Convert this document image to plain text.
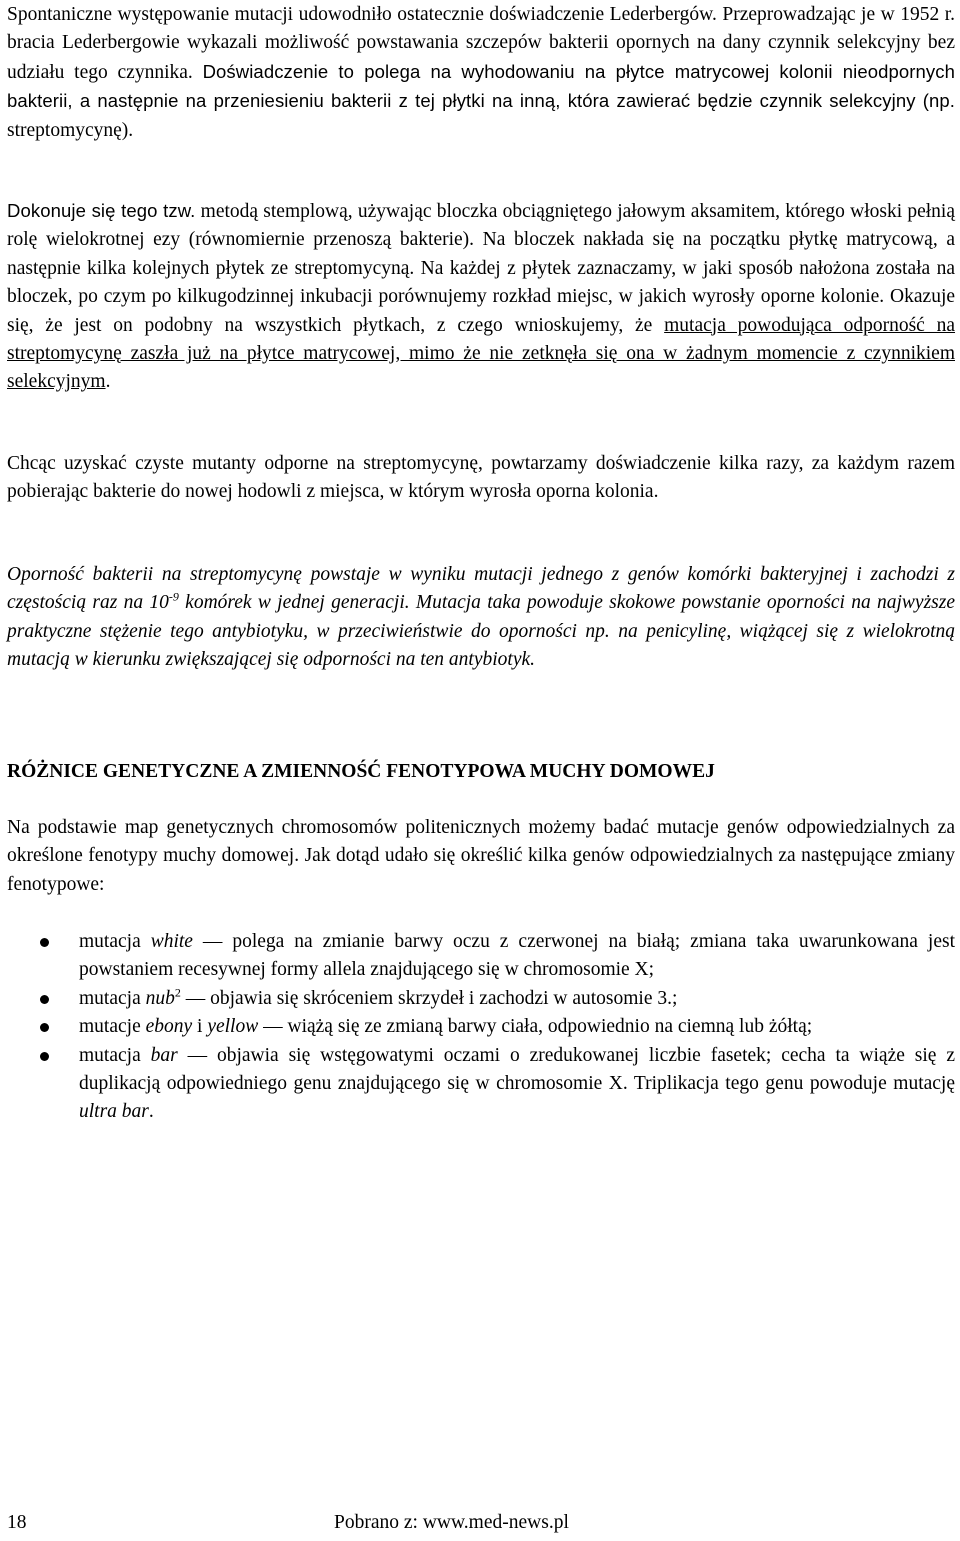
Spontaniczne występowanie mutacji udowodniło ostatecznie doświadczenie Lederbergów. Przeprowadzając je w 1952 r. bracia Lederbergowie wykazali możliwość powstawania szczepów bakterii opornych na dany czynnik selekcyjny bez udziału tego czynnika. Doświadczenie to polega na wyhodowaniu na płytce matrycowej kolonii nieodpornych bakterii, a następnie na przeniesieniu bakterii z tej płytki na inną, która zawierać będzie czynnik selekcyjny (np. streptomycynę).

Dokonuje się tego tzw. metodą stemplową, używając bloczka obciągniętego jałowym aksamitem, którego włoski pełnią rolę wielokrotnej ezy (równomiernie przenoszą bakterie). Na bloczek nakłada się na początku płytkę matrycową, a następnie kilka kolejnych płytek ze streptomycyną. Na każdej z płytek zaznaczamy, w jaki sposób nałożona została na bloczek, po czym po kilkugodzinnej inkubacji porównujemy rozkład miejsc, w jakich wyrosły oporne kolonie. Okazuje się, że jest on podobny na wszystkich płytkach, z czego wnioskujemy, że mutacja powodująca odporność na streptomycynę zaszła już na płytce matrycowej, mimo że nie zetknęła się ona w żadnym momencie z czynnikiem selekcyjnym.

Chcąc uzyskać czyste mutanty odporne na streptomycynę, powtarzamy doświadczenie kilka razy, za każdym razem pobierając bakterie do nowej hodowli z miejsca, w którym wyrosła oporna kolonia.

Oporność bakterii na streptomycynę powstaje w wyniku mutacji jednego z genów komórki bakteryjnej i zachodzi z częstością raz na $10^{-9}$ komórek w jednej generacji. Mutacja taka powoduje skokowe powstanie oporności na najwyższe praktyczne stężenie tego antybiotyku, w przeciwieństwie do oporności np. na penicylinę, wiążącej się z wielokrotną mutacją w kierunku zwiększającej się odporności na ten antybiotyk.

RÓŻNICE GENETYCZNE A ZMIENNOŚĆ FENOTYPOWA MUCHY DOMOWEJ

Na podstawie map genetycznych chromosomów politenicznych możemy badać mutacje genów odpowiedzialnych za określone fenotypy muchy domowej. Jak dotąd udało się określić kilka genów odpowiedzialnych za następujące zmiany fenotypowe:

mutacja white — polega na zmianie barwy oczu z czerwonej na białą; zmiana taka uwarunkowana jest powstaniem recesywnej formy allela znajdującego się w chromosomie X;
mutacja nub$^2$ — objawia się skróceniem skrzydeł i zachodzi w autosomie 3.;
mutacje ebony i yellow — wiążą się ze zmianą barwy ciała, odpowiednio na ciemną lub żółtą;
mutacja bar — objawia się wstęgowatymi oczami o zredukowanej liczbie fasetek; cecha ta wiąże się z duplikacją odpowiedniego genu znajdującego się w chromosomie X. Triplikacja tego genu powoduje mutację ultra bar.
18	Pobrano z: www.med-news.pl
